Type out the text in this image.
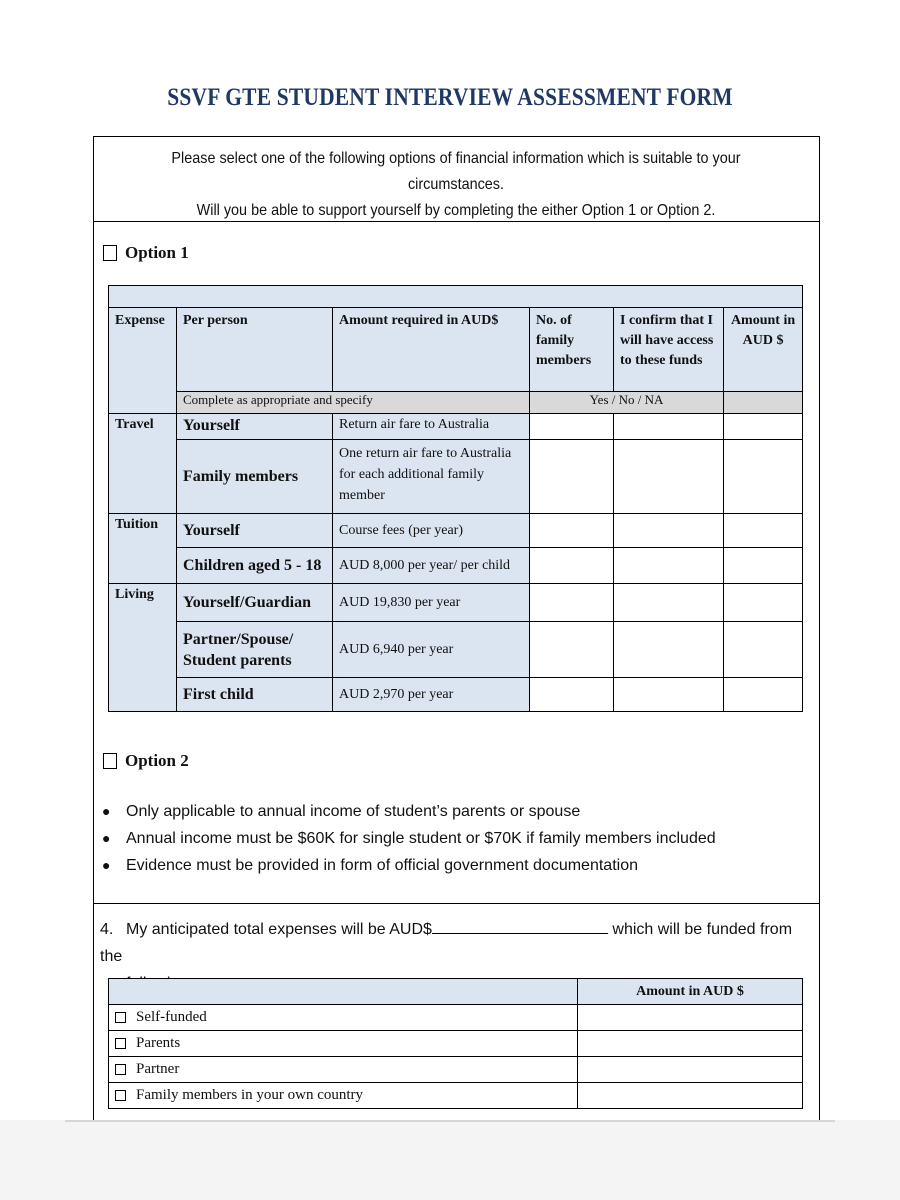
SSVF GTE STUDENT INTERVIEW ASSESSMENT FORM
Please select one of the following options of financial information which is suitable to your circumstances.
Will you be able to support yourself by completing the either Option 1 or Option 2.
Option 1

Expense	Per person	Amount required in AUD$	No. of family members	I confirm that I will have access to these funds	Amount in AUD $
	Complete as appropriate and specify		Yes / No / NA		
Travel	Yourself	Return air fare to Australia			
	Family members	One return air fare to Australia for each additional family member			
Tuition	Yourself	Course fees (per year)			
	Children aged 5 - 18	AUD 8,000 per year/ per child			
Living	Yourself/Guardian	AUD 19,830 per year			
	Partner/Spouse/ Student parents	AUD 6,940 per year			
	First child	AUD 2,970 per year			
Option 2
● Only applicable to annual income of student’s parents or spouse
● Annual income must be $60K for single student or $70K if family members included
● Evidence must be provided in form of official government documentation
4. My anticipated total expenses will be AUD$	which will be funded from the
	Amount in AUD $
Self-funded	
Parents	
Partner	
Family members in your own country	
